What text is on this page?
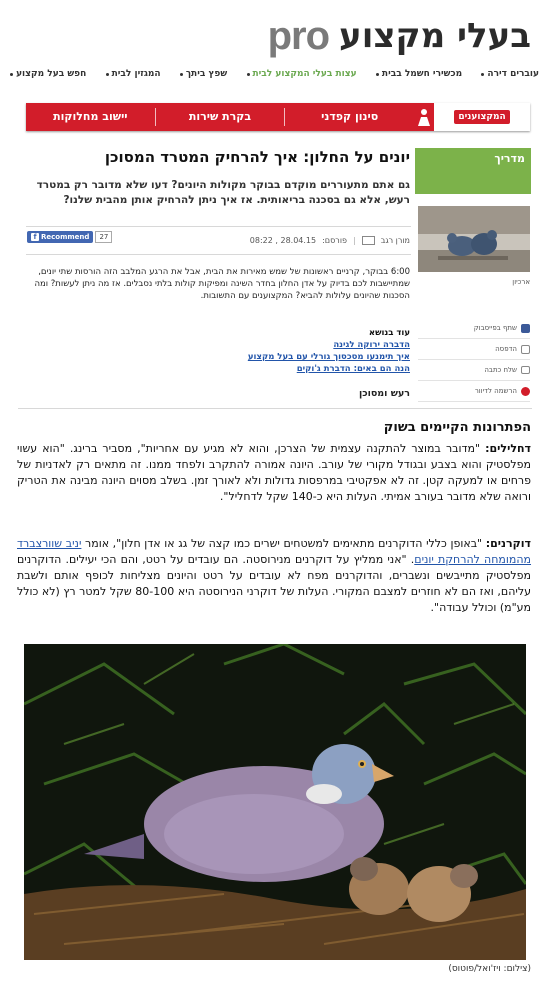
pro בעלי מקצוע
עוברים דירה
מכשירי חשמל בבית
עצות בעלי המקצוע לבית
שפץ ביתך
המגזין לבית
חפש בעל מקצוע
המקצוענים
סינון קפדני
בקרת שירות
יישוב מחלוקות
מדריך
ארכיון
שתף בפייסבוק
הדפסה
שלח כתבה
הרשמה לדיוור
יונים על החלון: איך להרחיק המטרד המסוכן
גם אתם מתעוררים מוקדם בבוקר מקולות היונים? דעו שלא מדובר רק במטרד רעש, אלא גם בסכנה בריאותית. אז איך ניתן להרחיק אותן מהבית שלנו?
מורן רגב
|
פורסם:
28.04.15 , 08:22
f Recommend	27
6:00 בבוקר, קרניים ראשונות של שמש מאירות את הבית, אבל את הרגע המלבב הזה הורסות שתי יונים, שמתיישבות לכם בדיוק על אדן החלון בחדר השינה ומפיקות קולות בלתי נסבלים. אז מה ניתן לעשות? ומה הסכנות שהיונים עלולות להביא? המקצוענים עם התשובות.
עוד בנושא
הדברה ירוקה לגינה
איך תימנעו מסכסוך גורלי עם בעל מקצוע
הנה הם באים: הדברת ג'וקים
רעש ומסוכן
הפתרונות הקיימים בשוק
דחלילים: "מדובר במוצר להתקנה עצמית של הצרכן, והוא לא מגיע עם אחריות", מסביר ברינג. "הוא עשוי מפלסטיק והוא בצבע ובגודל מקורי של עורב. היונה אמורה להתקרב ולפחד ממנו. זה מתאים רק לאדניות של פרחים או למעקה קטן. זה לא אפקטיבי במרפסות גדולות ולא לאורך זמן. בשלב מסוים היונה מבינה את הטריק ורואה שלא מדובר בעורב אמיתי. העלות היא כ-140 שקל לדחליל".
דוקרנים: "באופן כללי הדוקרנים מתאימים למשטחים ישרים כמו קצה של גג או אדן חלון", אומר יניב שוורצברד מהמומחה להרחקת יונים. "אני ממליץ על דוקרנים מנירוסטה. הם עובדים על רטט, והם הכי יעילים. הדוקרנים מפלסטיק מתייבשים ונשברים, והדוקרנים מפח לא עובדים על רטט והיונים מצליחות לכופף אותם ולשבת עליהם, ואז הם לא חוזרים למצבם המקורי. העלות של דוקרני הנירוסטה היא 80-100 שקל למטר רץ (לא כולל מע"מ) וכולל עבודה".
(צילום: ויז'ואל/פוטוס)
